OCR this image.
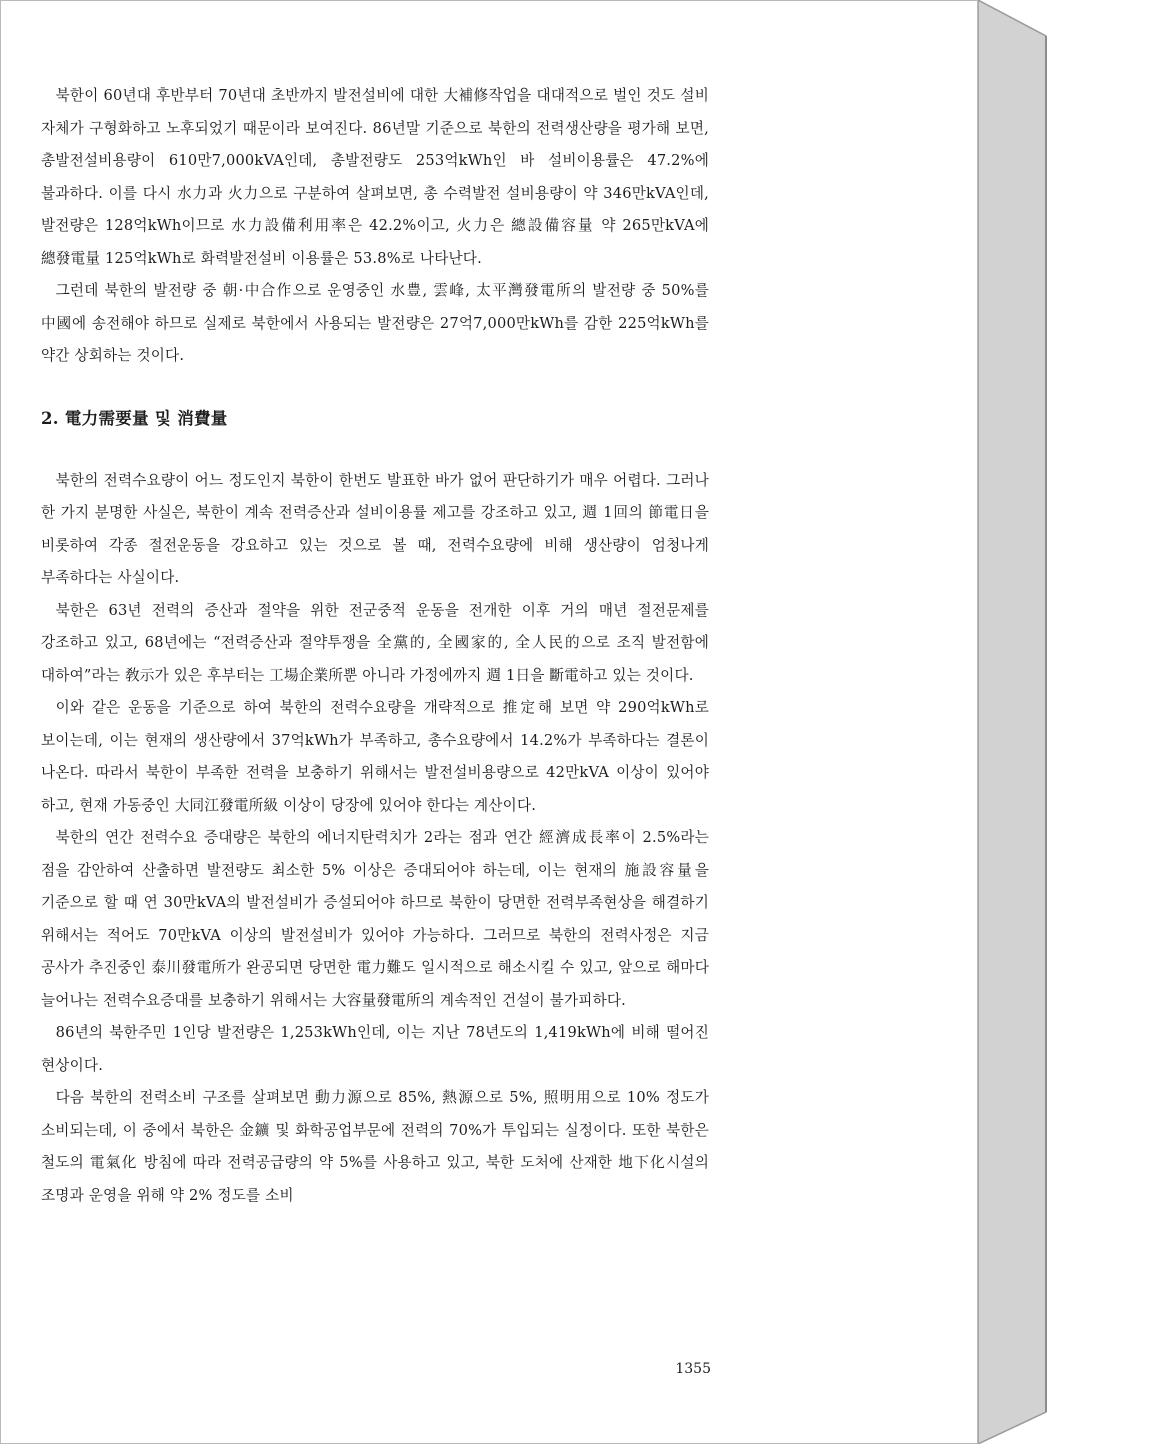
북한이 60년대 후반부터 70년대 초반까지 발전설비에 대한 大補修작업을 대대적으로 벌인 것도 설비 자체가 구형화하고 노후되었기 때문이라 보여진다. 86년말 기준으로 북한의 전력생산량을 평가해 보면, 총발전설비용량이 610만7,000kVA인데, 총발전량도 253억kWh인 바 설비이용률은 47.2%에 불과하다. 이를 다시 水力과 火力으로 구분하여 살펴보면, 총 수력발전 설비용량이 약 346만kVA인데, 발전량은 128억kWh이므로 水力設備利用率은 42.2%이고, 火力은 總設備容量 약 265만kVA에 總發電量 125억kWh로 화력발전설비 이용률은 53.8%로 나타난다.

그런데 북한의 발전량 중 朝·中合作으로 운영중인 水豊, 雲峰, 太平灣發電所의 발전량 중 50%를 中國에 송전해야 하므로 실제로 북한에서 사용되는 발전량은 27억7,000만kWh를 감한 225억kWh를 약간 상회하는 것이다.

2. 電力需要量 및 消費量

북한의 전력수요량이 어느 정도인지 북한이 한번도 발표한 바가 없어 판단하기가 매우 어렵다. 그러나 한 가지 분명한 사실은, 북한이 계속 전력증산과 설비이용률 제고를 강조하고 있고, 週 1回의 節電日을 비롯하여 각종 절전운동을 강요하고 있는 것으로 볼 때, 전력수요량에 비해 생산량이 엄청나게 부족하다는 사실이다.

북한은 63년 전력의 증산과 절약을 위한 전군중적 운동을 전개한 이후 거의 매년 절전문제를 강조하고 있고, 68년에는 “전력증산과 절약투쟁을 全黨的, 全國家的, 全人民的으로 조직 발전함에 대하여”라는 敎示가 있은 후부터는 工場企業所뿐 아니라 가정에까지 週 1日을 斷電하고 있는 것이다.

이와 같은 운동을 기준으로 하여 북한의 전력수요량을 개략적으로 推定해 보면 약 290억kWh로 보이는데, 이는 현재의 생산량에서 37억kWh가 부족하고, 총수요량에서 14.2%가 부족하다는 결론이 나온다. 따라서 북한이 부족한 전력을 보충하기 위해서는 발전설비용량으로 42만kVA 이상이 있어야 하고, 현재 가동중인 大同江發電所級 이상이 당장에 있어야 한다는 계산이다.

북한의 연간 전력수요 증대량은 북한의 에너지탄력치가 2라는 점과 연간 經濟成長率이 2.5%라는 점을 감안하여 산출하면 발전량도 최소한 5% 이상은 증대되어야 하는데, 이는 현재의 施設容量을 기준으로 할 때 연 30만kVA의 발전설비가 증설되어야 하므로 북한이 당면한 전력부족현상을 해결하기 위해서는 적어도 70만kVA 이상의 발전설비가 있어야 가능하다. 그러므로 북한의 전력사정은 지금 공사가 추진중인 泰川發電所가 완공되면 당면한 電力難도 일시적으로 해소시킬 수 있고, 앞으로 해마다 늘어나는 전력수요증대를 보충하기 위해서는 大容量發電所의 계속적인 건설이 불가피하다.

86년의 북한주민 1인당 발전량은 1,253kWh인데, 이는 지난 78년도의 1,419kWh에 비해 떨어진 현상이다.

다음 북한의 전력소비 구조를 살펴보면 動力源으로 85%, 熱源으로 5%, 照明用으로 10% 정도가 소비되는데, 이 중에서 북한은 金鑛 및 화학공업부문에 전력의 70%가 투입되는 실정이다. 또한 북한은 철도의 電氣化 방침에 따라 전력공급량의 약 5%를 사용하고 있고, 북한 도처에 산재한 地下化시설의 조명과 운영을 위해 약 2% 정도를 소비

1355
